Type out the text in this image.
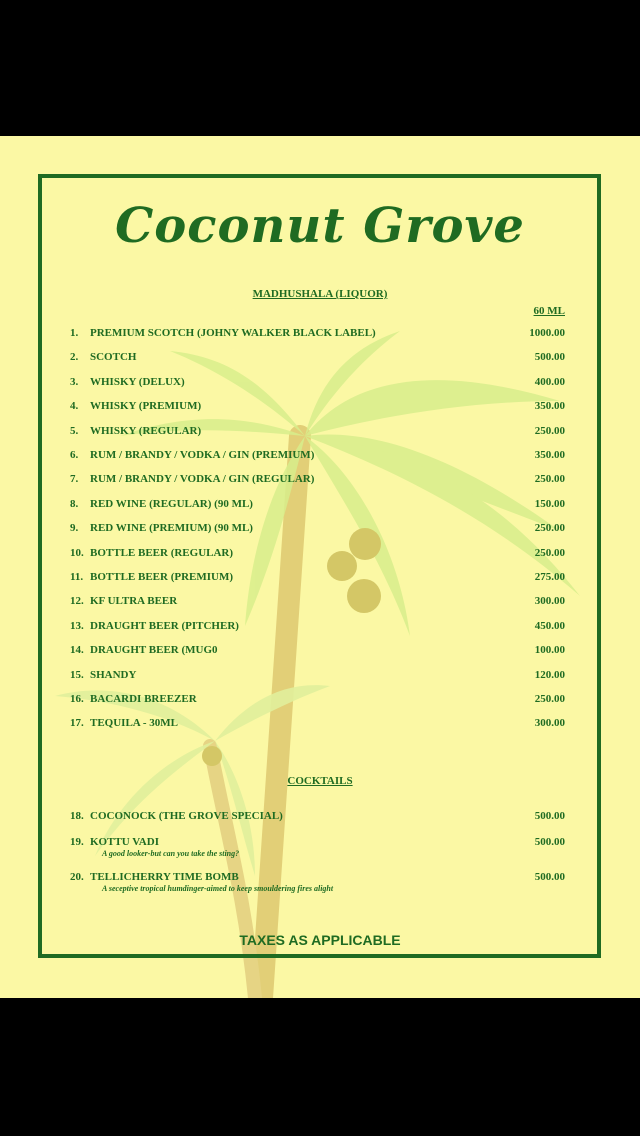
Coconut Grove
MADHUSHALA (LIQUOR)
60 ML
1. PREMIUM SCOTCH (JOHNY WALKER BLACK LABEL)	1000.00
2. SCOTCH	500.00
3. WHISKY (DELUX)	400.00
4. WHISKY (PREMIUM)	350.00
5. WHISKY (REGULAR)	250.00
6. RUM / BRANDY / VODKA / GIN (PREMIUM)	350.00
7. RUM / BRANDY / VODKA / GIN (REGULAR)	250.00
8. RED WINE (REGULAR) (90 ML)	150.00
9. RED WINE (PREMIUM) (90 ML)	250.00
10. BOTTLE BEER (REGULAR)	250.00
11. BOTTLE BEER (PREMIUM)	275.00
12. KF ULTRA BEER	300.00
13. DRAUGHT BEER (PITCHER)	450.00
14. DRAUGHT BEER (MUG0	100.00
15. SHANDY	120.00
16. BACARDI BREEZER	250.00
17. TEQUILA - 30ML	300.00
COCKTAILS
18. COCONOCK (THE GROVE SPECIAL)	500.00
19. KOTTU VADI	500.00
A good looker-but can you take the sting?
20. TELLICHERRY TIME BOMB	500.00
A seceptive tropical humdinger-aimed to keep smouldering fires alight
TAXES AS APPLICABLE
